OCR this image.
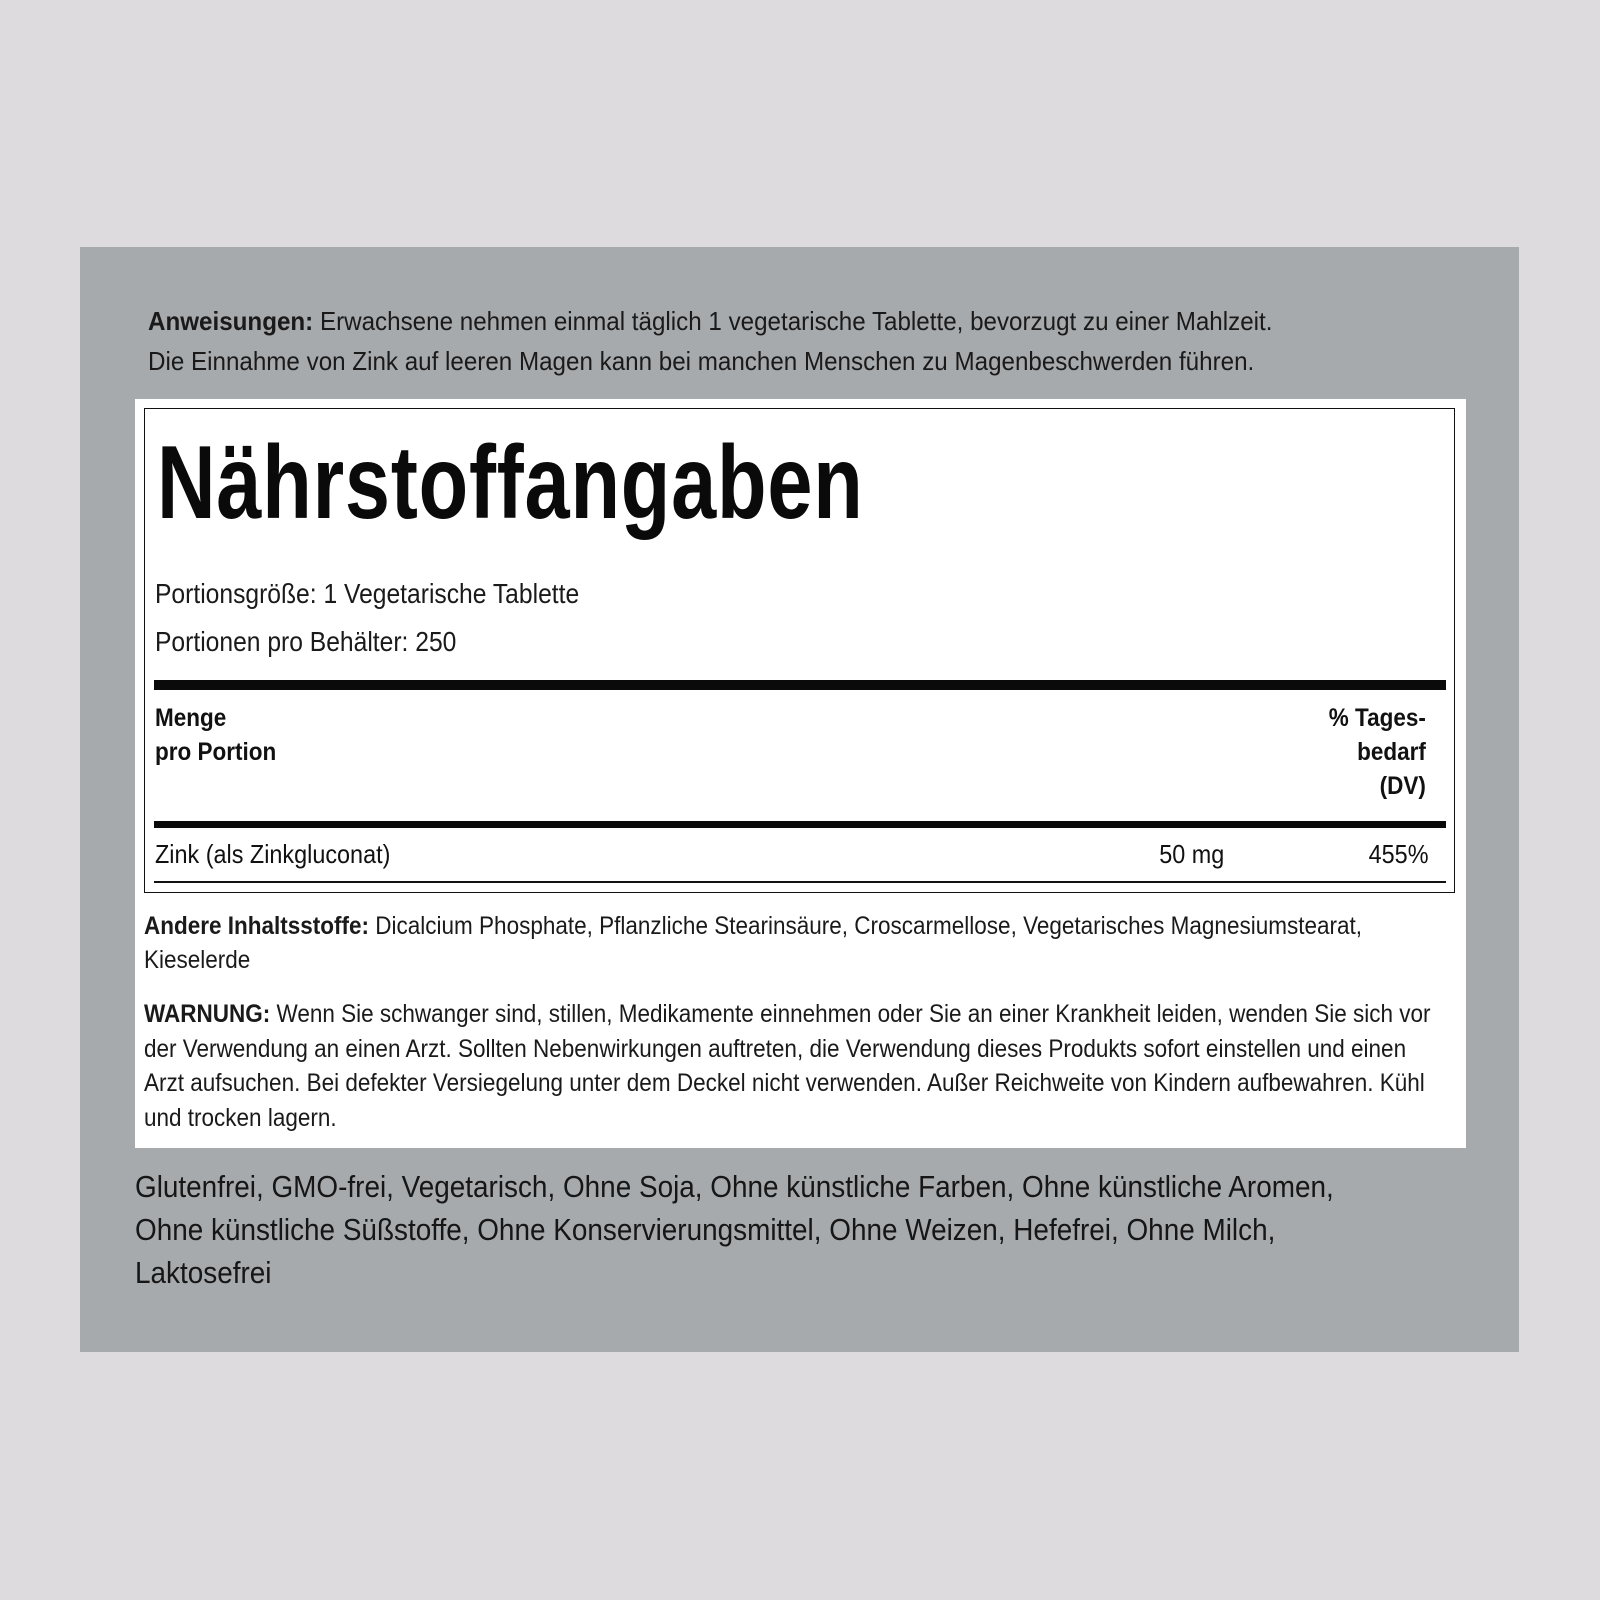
Anweisungen: Erwachsene nehmen einmal täglich 1 vegetarische Tablette, bevorzugt zu einer Mahlzeit.
Die Einnahme von Zink auf leeren Magen kann bei manchen Menschen zu Magenbeschwerden führen.
Nährstoffangaben
Portionsgröße: 1 Vegetarische Tablette
Portionen pro Behälter: 250
Menge
pro Portion
% Tages-
bedarf
(DV)
Zink (als Zinkgluconat)	50 mg	455%
Andere Inhaltsstoffe: Dicalcium Phosphate, Pflanzliche Stearinsäure, Croscarmellose, Vegetarisches Magnesiumstearat, Kieselerde
WARNUNG: Wenn Sie schwanger sind, stillen, Medikamente einnehmen oder Sie an einer Krankheit leiden, wenden Sie sich vor der Verwendung an einen Arzt. Sollten Nebenwirkungen auftreten, die Verwendung dieses Produkts sofort einstellen und einen Arzt aufsuchen. Bei defekter Versiegelung unter dem Deckel nicht verwenden. Außer Reichweite von Kindern aufbewahren. Kühl und trocken lagern.
Glutenfrei, GMO-frei, Vegetarisch, Ohne Soja, Ohne künstliche Farben, Ohne künstliche Aromen,
Ohne künstliche Süßstoffe, Ohne Konservierungsmittel, Ohne Weizen, Hefefrei, Ohne Milch,
Laktosefrei
